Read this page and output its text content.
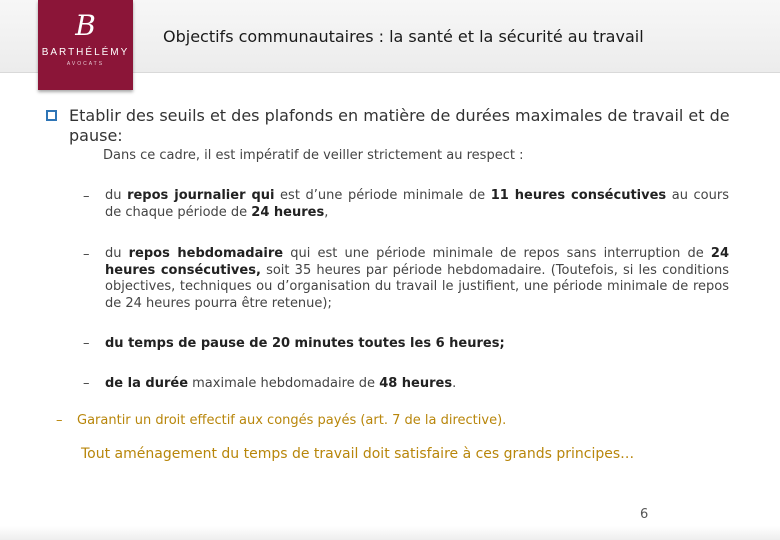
B
BARTHÉLÉMY
AVOCATS
Objectifs communautaires : la santé et la sécurité au travail
Etablir des seuils et des plafonds en matière de durées maximales de travail et de pause:
Dans ce cadre, il est impératif de veiller strictement au respect :
– du repos journalier qui est d’une période minimale de 11 heures consécutives au cours de chaque période de 24 heures,
– du repos hebdomadaire qui est une période minimale de repos sans interruption de 24 heures consécutives, soit 35 heures par période hebdomadaire. (Toutefois, si les conditions objectives, techniques ou d’organisation du travail le justifient, une période minimale de repos de 24 heures pourra être retenue);
– du temps de pause de 20 minutes toutes les 6 heures;
– de la durée maximale hebdomadaire de 48 heures.
– Garantir un droit effectif aux congés payés (art. 7 de la directive).
Tout aménagement du temps de travail doit satisfaire à ces grands principes…
6
